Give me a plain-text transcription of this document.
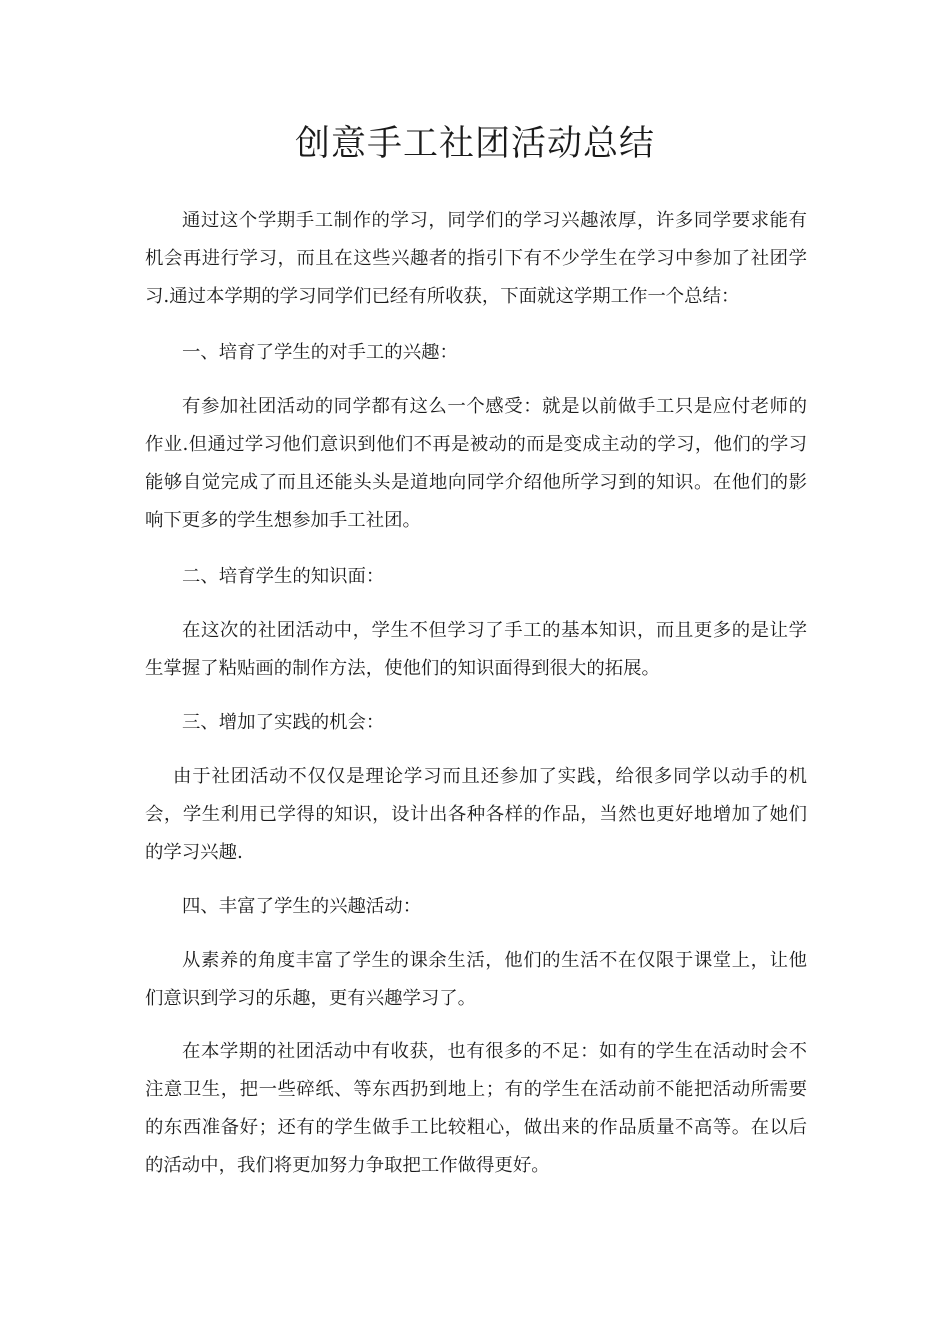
创意手工社团活动总结

通过这个学期手工制作的学习，同学们的学习兴趣浓厚，许多同学要求能有机会再进行学习，而且在这些兴趣者的指引下有不少学生在学习中参加了社团学习.通过本学期的学习同学们已经有所收获，下面就这学期工作一个总结：

一、培育了学生的对手工的兴趣：

有参加社团活动的同学都有这么一个感受：就是以前做手工只是应付老师的作业.但通过学习他们意识到他们不再是被动的而是变成主动的学习，他们的学习能够自觉完成了而且还能头头是道地向同学介绍他所学习到的知识。在他们的影响下更多的学生想参加手工社团。

二、培育学生的知识面：

在这次的社团活动中，学生不但学习了手工的基本知识，而且更多的是让学生掌握了粘贴画的制作方法，使他们的知识面得到很大的拓展。

三、增加了实践的机会：

由于社团活动不仅仅是理论学习而且还参加了实践，给很多同学以动手的机会，学生利用已学得的知识，设计出各种各样的作品，当然也更好地增加了她们的学习兴趣.

四、丰富了学生的兴趣活动：

从素养的角度丰富了学生的课余生活，他们的生活不在仅限于课堂上，让他们意识到学习的乐趣，更有兴趣学习了。

在本学期的社团活动中有收获，也有很多的不足：如有的学生在活动时会不注意卫生，把一些碎纸、等东西扔到地上；有的学生在活动前不能把活动所需要的东西准备好；还有的学生做手工比较粗心，做出来的作品质量不高等。在以后的活动中，我们将更加努力争取把工作做得更好。
